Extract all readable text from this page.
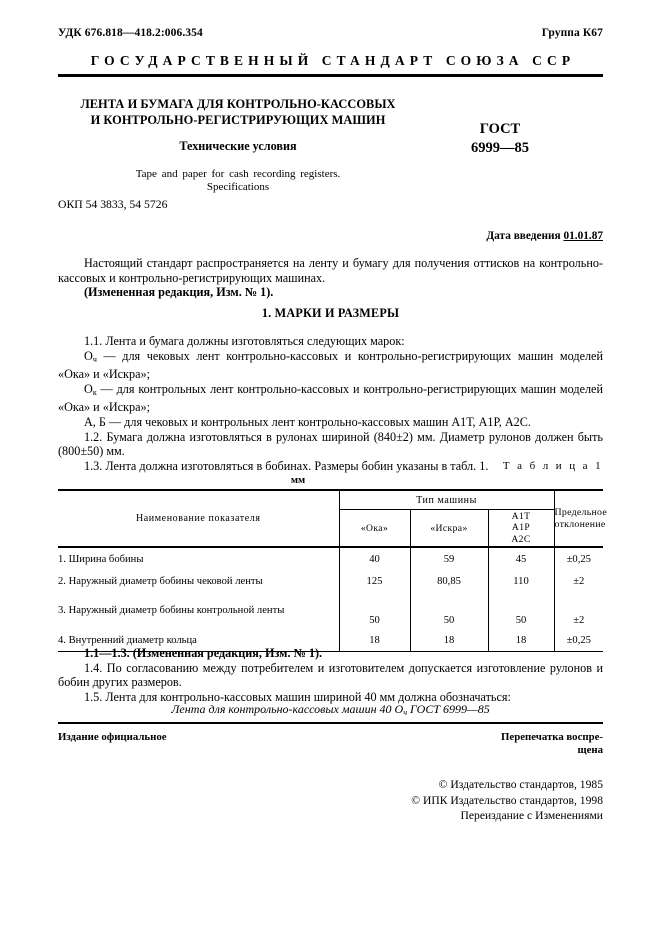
УДК 676.818—418.2:006.354	Группа К67
ГОСУДАРСТВЕННЫЙ СТАНДАРТ СОЮЗА ССР
ЛЕНТА И БУМАГА ДЛЯ КОНТРОЛЬНО-КАССОВЫХ
И КОНТРОЛЬНО-РЕГИСТРИРУЮЩИХ МАШИН
Технические условия
Tape and paper for cash recording registers.
Specifications
ГОСТ
6999—85
ОКП 54 3833, 54 5726
Дата введения 01.01.87
Настоящий стандарт распространяется на ленту и бумагу для получения оттисков на контрольно-кассовых и контрольно-регистрирующих машинах.
(Измененная редакция, Изм. № 1).
1. МАРКИ И РАЗМЕРЫ
1.1. Лента и бумага должны изготовляться следующих марок:
$О_ч$ — для чековых лент контрольно-кассовых и контрольно-регистрирующих машин моделей «Ока» и «Искра»;
$О_к$ — для контрольных лент контрольно-кассовых и контрольно-регистрирующих машин моделей «Ока» и «Искра»;
А, Б — для чековых и контрольных лент контрольно-кассовых машин А1Т, А1Р, А2С.
1.2. Бумага должна изготовляться в рулонах шириной (840±2) мм. Диаметр рулонов должен быть (800±50) мм.
1.3. Лента должна изготовляться в бобинах. Размеры бобин указаны в табл. 1.	Т а б л и ц а 1
мм
Наименование показателя	Тип машины			Предельное
отклонение
	«Ока»	«Искра»	А1Т
А1Р
А2С	
1. Ширина бобины	40	59	45	±0,25
2. Наружный диаметр бобины чековой ленты	125	80,85	110	±2
3. Наружный диаметр бобины контрольной ленты	50	50	50	±2
4. Внутренний диаметр кольца	18	18	18	±0,25
1.1—1.3. (Измененная редакция, Изм. № 1).
1.4. По согласованию между потребителем и изготовителем допускается изготовление рулонов и бобин других размеров.
1.5. Лента для контрольно-кассовых машин шириной 40 мм должна обозначаться:
Лента для контрольно-кассовых машин 40 $О_ч$ ГОСТ 6999—85
Издание официальное	Перепечатка воспре-
щена
© Издательство стандартов, 1985
© ИПК Издательство стандартов, 1998
Переиздание с Изменениями
